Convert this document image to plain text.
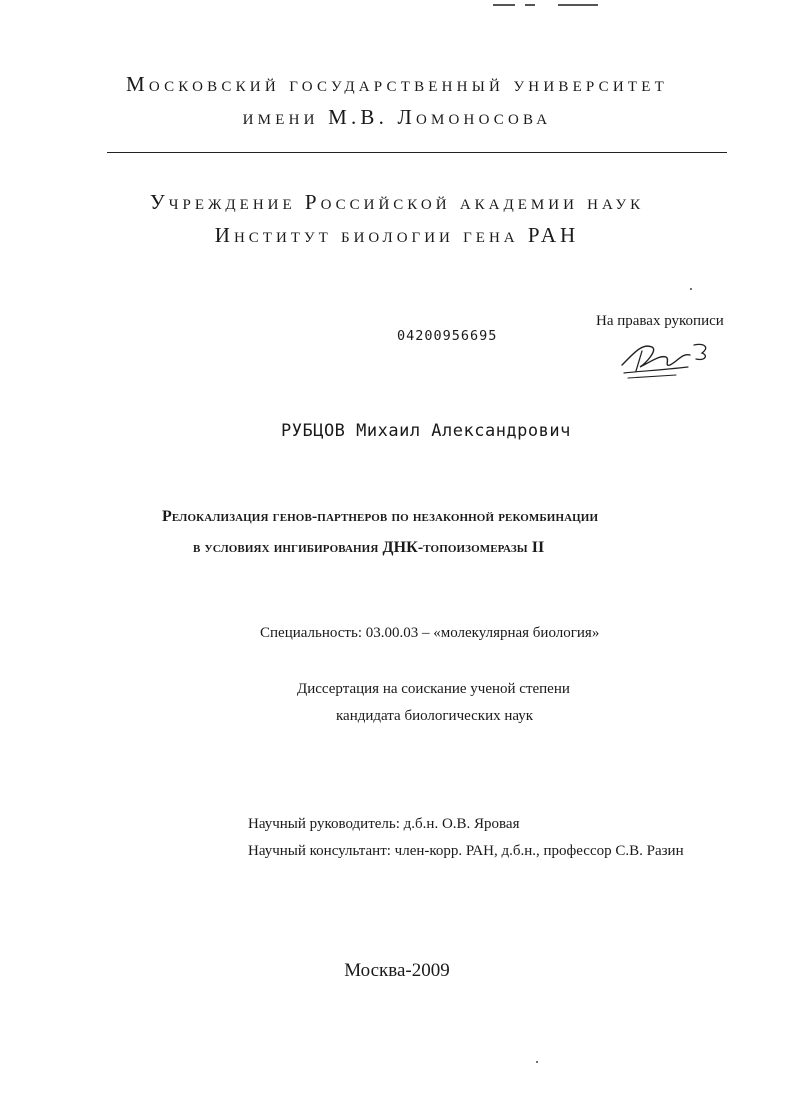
Московский государственный университет
имени М.В. Ломоносова
Учреждение Российской академии наук
Институт биологии гена РАН
04200956695
На правах рукописи
РУБЦОВ Михаил Александрович
Релокализация генов-партнеров по незаконной рекомбинации
в условиях ингибирования ДНК-топоизомеразы II
Специальность: 03.00.03 – «молекулярная биология»
Диссертация на соискание ученой степени
кандидата биологических наук
Научный руководитель: д.б.н. О.В. Яровая
Научный консультант: член-корр. РАН, д.б.н., профессор С.В. Разин
Москва-2009
